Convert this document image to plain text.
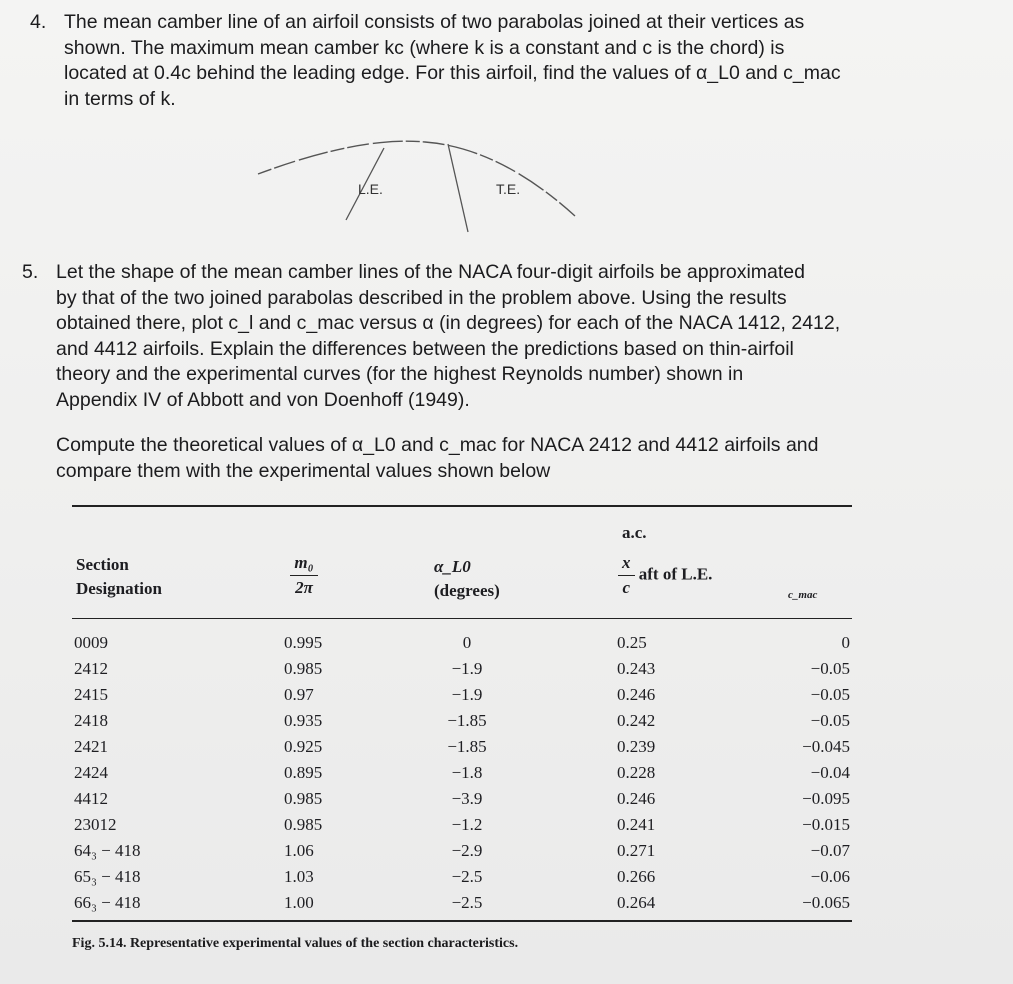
4. The mean camber line of an airfoil consists of two parabolas joined at their vertices as

shown. The maximum mean camber kc (where k is a constant and c is the chord) is

located at 0.4c behind the leading edge. For this airfoil, find the values of α_L0 and c_mac

in terms of k.

L.E.	T.E.
5. Let the shape of the mean camber lines of the NACA four-digit airfoils be approximated

by that of the two joined parabolas described in the problem above. Using the results

obtained there, plot c_l and c_mac versus α (in degrees) for each of the NACA 1412, 2412,

and 4412 airfoils. Explain the differences between the predictions based on thin-airfoil

theory and the experimental curves (for the highest Reynolds number) shown in

Appendix IV of Abbott and von Doenhoff (1949).

Compute the theoretical values of α_L0 and c_mac for NACA 2412 and 4412 airfoils and

compare them with the experimental values shown below

Section
Designation	$\frac{\text{m₀}}{2\pi}$	α_L0
(degrees)
a.c.
$\frac{x}{c}$ aft of L.E.
c_mac
0009	0.995	0	0.25	0
2412	0.985	−1.9	0.243	−0.05
2415	0.97	−1.9	0.246	−0.05
2418	0.935	−1.85	0.242	−0.05
2421	0.925	−1.85	0.239	−0.045
2424	0.895	−1.8	0.228	−0.04
4412	0.985	−3.9	0.246	−0.095
23012	0.985	−1.2	0.241	−0.015
64₃ − 418	1.06	−2.9	0.271	−0.07
65₃ − 418	1.03	−2.5	0.266	−0.06
66₃ − 418	1.00	−2.5	0.264	−0.065
Fig. 5.14. Representative experimental values of the section characteristics.
